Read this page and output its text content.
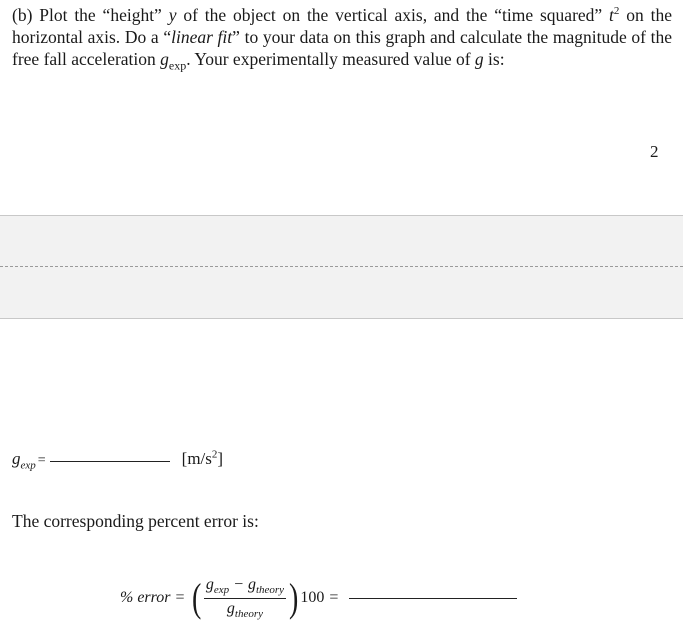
(b) Plot the “height” y of the object on the vertical axis, and the “time squared” $t^2$ on the horizontal axis. Do a “linear fit” to your data on this graph and calculate the magnitude of the free fall acceleration $g_{exp}$. Your experimentally measured value of g is:
2
$g_{exp}$ =	$[m/s^2]$
The corresponding percent error is:
% error = ( $\frac{g_{exp} - g_{theory}}{g_{theory}}$ ) 100 =
